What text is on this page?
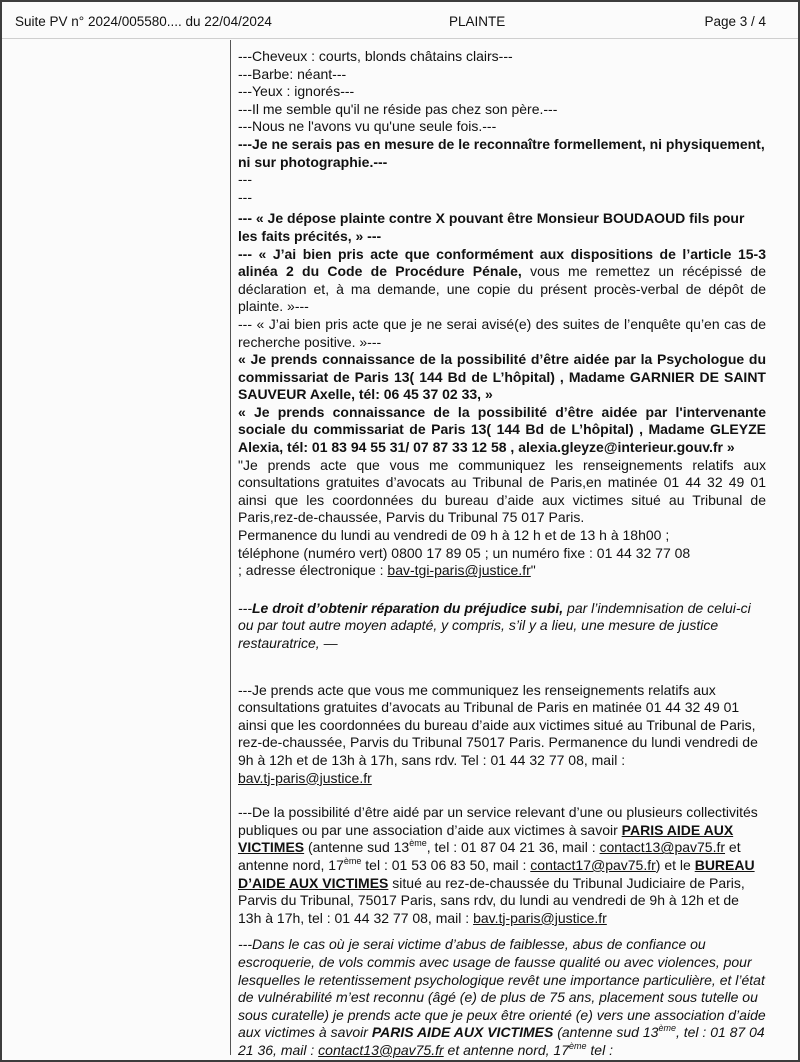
Suite PV n° 2024/005580.... du 22/04/2024	PLAINTE	Page 3 / 4

---Cheveux : courts, blonds châtains clairs---

---Barbe: néant---

---Yeux : ignorés---

---Il me semble qu'il ne réside pas chez son père.---

---Nous ne l'avons vu qu'une seule fois.---

---Je ne serais pas en mesure de le reconnaître formellement, ni physiquement, ni sur photographie.---

---

---

--- « Je dépose plainte contre X pouvant être Monsieur BOUDAOUD fils pour les faits précités, » ---

--- « J’ai bien pris acte que conformément aux dispositions de l’article 15-3 alinéa 2 du Code de Procédure Pénale, vous me remettez un récépissé de déclaration et, à ma demande, une copie du présent procès-verbal de dépôt de plainte. »---

--- « J’ai bien pris acte que je ne serai avisé(e) des suites de l’enquête qu’en cas de recherche positive. »---

« Je prends connaissance de la possibilité d’être aidée par la Psychologue du commissariat de Paris 13( 144 Bd de L’hôpital) , Madame GARNIER DE SAINT SAUVEUR Axelle, tél: 06 45 37 02 33, »

« Je prends connaissance de la possibilité d’être aidée par l'intervenante sociale du commissariat de Paris 13( 144 Bd de L’hôpital) , Madame GLEYZE Alexia, tél: 01 83 94 55 31/ 07 87 33 12 58 , alexia.gleyze@interieur.gouv.fr »

"Je prends acte que vous me communiquez les renseignements relatifs aux consultations gratuites d’avocats au Tribunal de Paris,en matinée 01 44 32 49 01 ainsi que les coordonnées du bureau d’aide aux victimes situé au Tribunal de Paris,rez-de-chaussée, Parvis du Tribunal 75 017 Paris.

Permanence du lundi au vendredi de 09 h à 12 h et de 13 h à 18h00 ;

téléphone (numéro vert) 0800 17 89 05 ; un numéro fixe : 01 44 32 77 08

; adresse électronique : bav-tgi-paris@justice.fr"

---Le droit d’obtenir réparation du préjudice subi, par l’indemnisation de celui-ci ou par tout autre moyen adapté, y compris, s’il y a lieu, une mesure de justice restauratrice, —

---Je prends acte que vous me communiquez les renseignements relatifs aux consultations gratuites d’avocats au Tribunal de Paris en matinée 01 44 32 49 01 ainsi que les coordonnées du bureau d’aide aux victimes situé au Tribunal de Paris, rez-de-chaussée, Parvis du Tribunal 75017 Paris. Permanence du lundi vendredi de 9h à 12h et de 13h à 17h, sans rdv. Tel : 01 44 32 77 08, mail :

bav.tj-paris@justice.fr

---De la possibilité d’être aidé par un service relevant d’une ou plusieurs collectivités publiques ou par une association d’aide aux victimes à savoir PARIS AIDE AUX VICTIMES (antenne sud 13ème, tel : 01 87 04 21 36, mail : contact13@pav75.fr et antenne nord, 17ème tel : 01 53 06 83 50, mail : contact17@pav75.fr) et le BUREAU D’AIDE AUX VICTIMES situé au rez-de-chaussée du Tribunal Judiciaire de Paris, Parvis du Tribunal, 75017 Paris, sans rdv, du lundi au vendredi de 9h à 12h et de 13h à 17h, tel : 01 44 32 77 08, mail : bav.tj-paris@justice.fr

---Dans le cas où je serai victime d’abus de faiblesse, abus de confiance ou escroquerie, de vols commis avec usage de fausse qualité ou avec violences, pour lesquelles le retentissement psychologique revêt une importance particulière, et l’état de vulnérabilité m’est reconnu (âgé (e) de plus de 75 ans, placement sous tutelle ou sous curatelle) je prends acte que je peux être orienté (e) vers une association d’aide aux victimes à savoir PARIS AIDE AUX VICTIMES (antenne sud 13ème, tel : 01 87 04 21 36, mail : contact13@pav75.fr et antenne nord, 17ème tel :
